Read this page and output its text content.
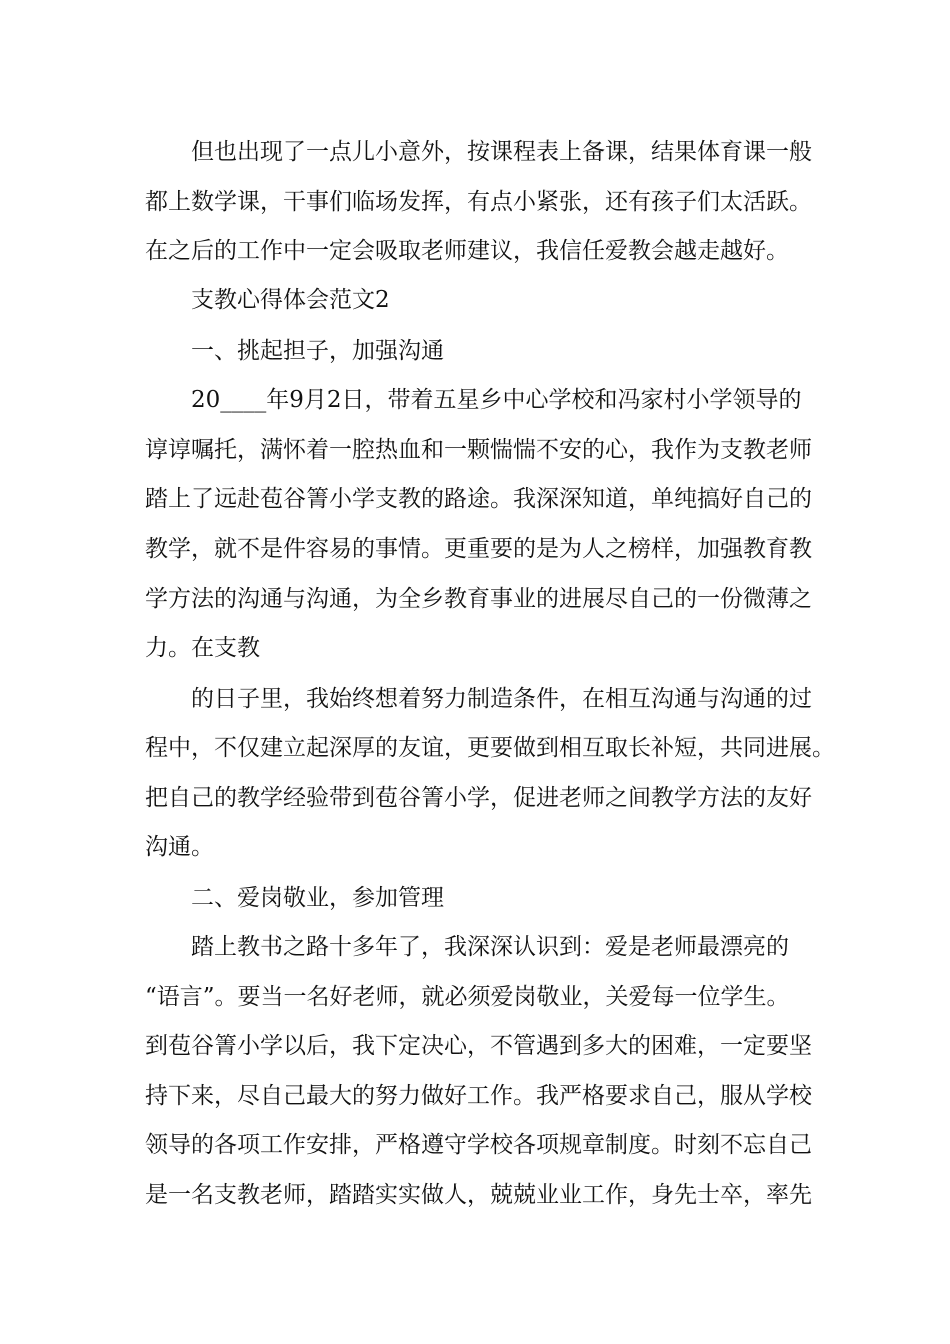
但也出现了一点儿小意外，按课程表上备课，结果体育课一般

都上数学课，干事们临场发挥，有点小紧张，还有孩子们太活跃。

在之后的工作中一定会吸取老师建议，我信任爱教会越走越好。

支教心得体会范文2

一、挑起担子，加强沟通

20____年9月2日，带着五星乡中心学校和冯家村小学领导的

谆谆嘱托，满怀着一腔热血和一颗惴惴不安的心，我作为支教老师

踏上了远赴苞谷箐小学支教的路途。我深深知道，单纯搞好自己的

教学，就不是件容易的事情。更重要的是为人之榜样，加强教育教

学方法的沟通与沟通，为全乡教育事业的进展尽自己的一份微薄之

力。在支教

的日子里，我始终想着努力制造条件，在相互沟通与沟通的过

程中，不仅建立起深厚的友谊，更要做到相互取长补短，共同进展。

把自己的教学经验带到苞谷箐小学，促进老师之间教学方法的友好

沟通。

二、爱岗敬业，参加管理

踏上教书之路十多年了，我深深认识到：爱是老师最漂亮的

“语言”。要当一名好老师，就必须爱岗敬业，关爱每一位学生。

到苞谷箐小学以后，我下定决心，不管遇到多大的困难，一定要坚

持下来，尽自己最大的努力做好工作。我严格要求自己，服从学校

领导的各项工作安排，严格遵守学校各项规章制度。时刻不忘自己

是一名支教老师，踏踏实实做人，兢兢业业工作，身先士卒，率先
